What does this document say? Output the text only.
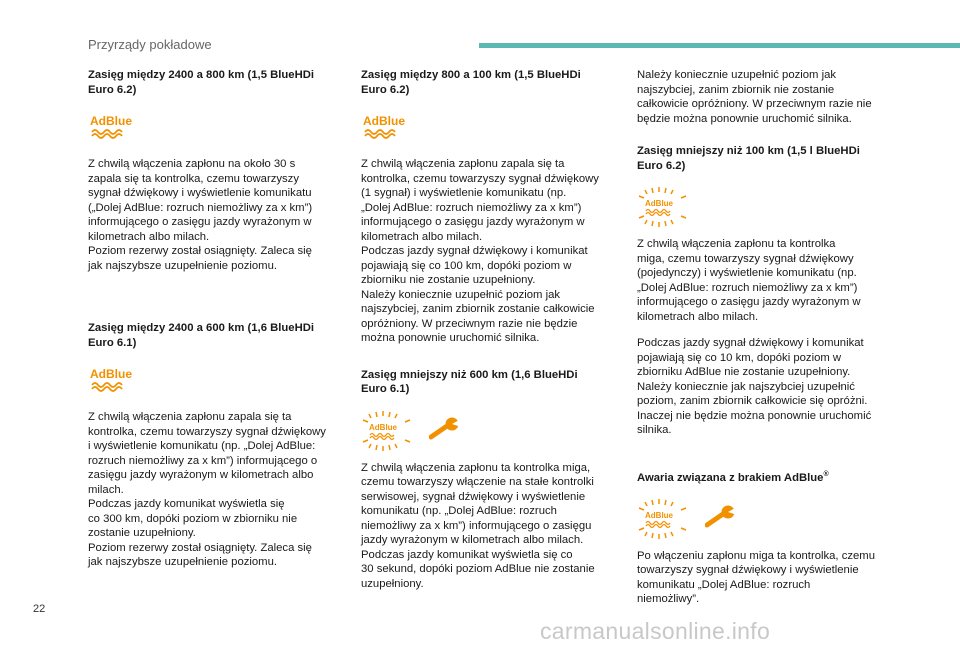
Przyrządy pokładowe
Zasięg między 2400 a 800 km (1,5 BlueHDi
Euro 6.2)
AdBlue
Z chwilą włączenia zapłonu na około 30 s
zapala się ta kontrolka, czemu towarzyszy
sygnał dźwiękowy i wyświetlenie komunikatu
(„Dolej AdBlue: rozruch niemożliwy za x km”)
informującego o zasięgu jazdy wyrażonym w
kilometrach albo milach.
Poziom rezerwy został osiągnięty. Zaleca się
jak najszybsze uzupełnienie poziomu.
Zasięg między 2400 a 600 km (1,6 BlueHDi
Euro 6.1)
AdBlue
Z chwilą włączenia zapłonu zapala się ta
kontrolka, czemu towarzyszy sygnał dźwiękowy
i wyświetlenie komunikatu (np. „Dolej AdBlue:
rozruch niemożliwy za x km”) informującego o
zasięgu jazdy wyrażonym w kilometrach albo
milach.
Podczas jazdy komunikat wyświetla się
co 300 km, dopóki poziom w zbiorniku nie
zostanie uzupełniony.
Poziom rezerwy został osiągnięty. Zaleca się
jak najszybsze uzupełnienie poziomu.
Zasięg między 800 a 100 km (1,5 BlueHDi
Euro 6.2)
AdBlue
Z chwilą włączenia zapłonu zapala się ta
kontrolka, czemu towarzyszy sygnał dźwiękowy
(1 sygnał) i wyświetlenie komunikatu (np.
„Dolej AdBlue: rozruch niemożliwy za x km”)
informującego o zasięgu jazdy wyrażonym w
kilometrach albo milach.
Podczas jazdy sygnał dźwiękowy i komunikat
pojawiają się co 100 km, dopóki poziom w
zbiorniku nie zostanie uzupełniony.
Należy koniecznie uzupełnić poziom jak
najszybciej, zanim zbiornik zostanie całkowicie
opróżniony. W przeciwnym razie nie będzie
można ponownie uruchomić silnika.
Zasięg mniejszy niż 600 km (1,6 BlueHDi
Euro 6.1)
AdBlue
Z chwilą włączenia zapłonu ta kontrolka miga,
czemu towarzyszy włączenie na stałe kontrolki
serwisowej, sygnał dźwiękowy i wyświetlenie
komunikatu (np. „Dolej AdBlue: rozruch
niemożliwy za x km”) informującego o zasięgu
jazdy wyrażonym w kilometrach albo milach.
Podczas jazdy komunikat wyświetla się co
30 sekund, dopóki poziom AdBlue nie zostanie
uzupełniony.
Należy koniecznie uzupełnić poziom jak
najszybciej, zanim zbiornik nie zostanie
całkowicie opróżniony. W przeciwnym razie nie
będzie można ponownie uruchomić silnika.
Zasięg mniejszy niż 100 km (1,5 l BlueHDi
Euro 6.2)
AdBlue
Z chwilą włączenia zapłonu ta kontrolka
miga, czemu towarzyszy sygnał dźwiękowy
(pojedynczy) i wyświetlenie komunikatu (np.
„Dolej AdBlue: rozruch niemożliwy za x km”)
informującego o zasięgu jazdy wyrażonym w
kilometrach albo milach.
Podczas jazdy sygnał dźwiękowy i komunikat
pojawiają się co 10 km, dopóki poziom w
zbiorniku AdBlue nie zostanie uzupełniony.
Należy koniecznie jak najszybciej uzupełnić
poziom, zanim zbiornik całkowicie się opróżni.
Inaczej nie będzie można ponownie uruchomić
silnika.
Awaria związana z brakiem AdBlue®
AdBlue
Po włączeniu zapłonu miga ta kontrolka, czemu
towarzyszy sygnał dźwiękowy i wyświetlenie
komunikatu „Dolej AdBlue: rozruch
niemożliwy”.
22
carmanualsonline.info
